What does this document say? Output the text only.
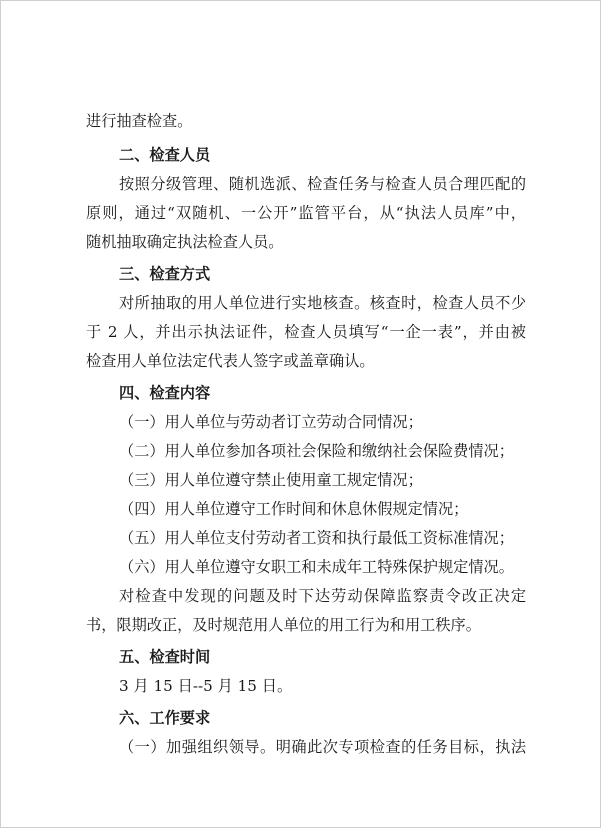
进行抽查检查。
二、检查人员
按照分级管理、随机选派、检查任务与检查人员合理匹配的
原则，通过“双随机、一公开”监管平台，从“执法人员库”中，
随机抽取确定执法检查人员。
三、检查方式
对所抽取的用人单位进行实地核查。核查时，检查人员不少
于 2 人，并出示执法证件，检查人员填写“一企一表”，并由被
检查用人单位法定代表人签字或盖章确认。
四、检查内容
（一）用人单位与劳动者订立劳动合同情况；
（二）用人单位参加各项社会保险和缴纳社会保险费情况；
（三）用人单位遵守禁止使用童工规定情况；
（四）用人单位遵守工作时间和休息休假规定情况；
（五）用人单位支付劳动者工资和执行最低工资标准情况；
（六）用人单位遵守女职工和未成年工特殊保护规定情况。
对检查中发现的问题及时下达劳动保障监察责令改正决定
书，限期改正，及时规范用人单位的用工行为和用工秩序。
五、检查时间
3 月 15 日--5 月 15 日。
六、工作要求
（一）加强组织领导。明确此次专项检查的任务目标，执法
